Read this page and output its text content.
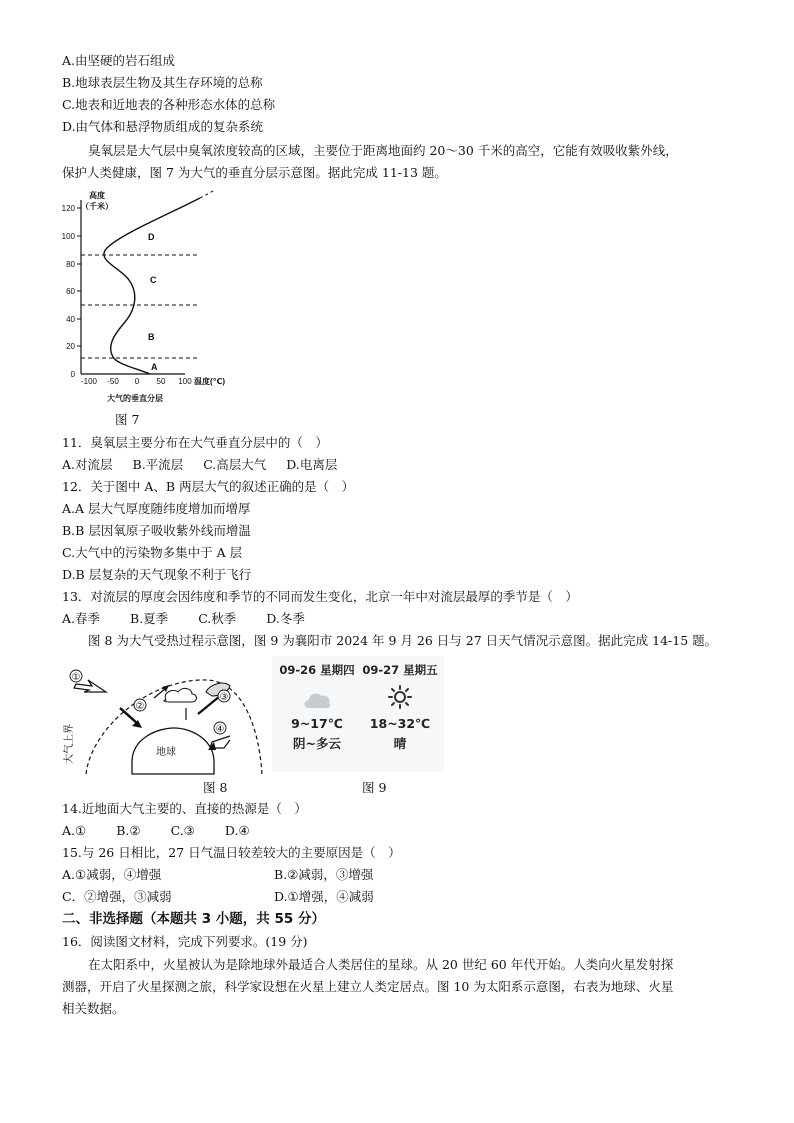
A.由坚硬的岩石组成
B.地球表层生物及其生存环境的总称
C.地表和近地表的各种形态水体的总称
D.由气体和悬浮物质组成的复杂系统
臭氧层是大气层中臭氧浓度较高的区域，主要位于距离地面约 20～30 千米的高空，它能有效吸收紫外线，
保护人类健康，图 7 为大气的垂直分层示意图。据此完成 11-13 题。
高度
（千米）
120
100
80
60
40
20
0
-100 -50 0 50 100 温度(℃)
A
B
C
D
大气的垂直分层
图 7
11．臭氧层主要分布在大气垂直分层中的（　）
A.对流层 B.平流层 C.高层大气 D.电离层
12．关于图中 A、B 两层大气的叙述正确的是（　）
A.A 层大气厚度随纬度增加而增厚
B.B 层因氧原子吸收紫外线而增温
C.大气中的污染物多集中于 A 层
D.B 层复杂的天气现象不利于飞行
13．对流层的厚度会因纬度和季节的不同而发生变化，北京一年中对流层最厚的季节是（　）
A.春季 B.夏季 C.秋季 D.冬季
图 8 为大气受热过程示意图，图 9 为襄阳市 2024 年 9 月 26 日与 27 日天气情况示意图。据此完成 14-15 题。
地球
①
②
③
④
大气上界
图 8
09-26 星期四
9~17℃
阴~多云
09-27 星期五
18~32℃
晴
图 9
14.近地面大气主要的、直接的热源是（　）
A.① B.② C.③ D.④
15.与 26 日相比，27 日气温日较差较大的主要原因是（　）
A.①减弱，④增强	B.②减弱，③增强
C．②增强，③减弱	D.①增强，④减弱
二、非选择题（本题共 3 小题，共 55 分）
16．阅读图文材料，完成下列要求。(19 分)
在太阳系中，火星被认为是除地球外最适合人类居住的星球。从 20 世纪 60 年代开始。人类向火星发射探
测器，开启了火星探测之旅，科学家设想在火星上建立人类定居点。图 10 为太阳系示意图，右表为地球、火星
相关数据。
